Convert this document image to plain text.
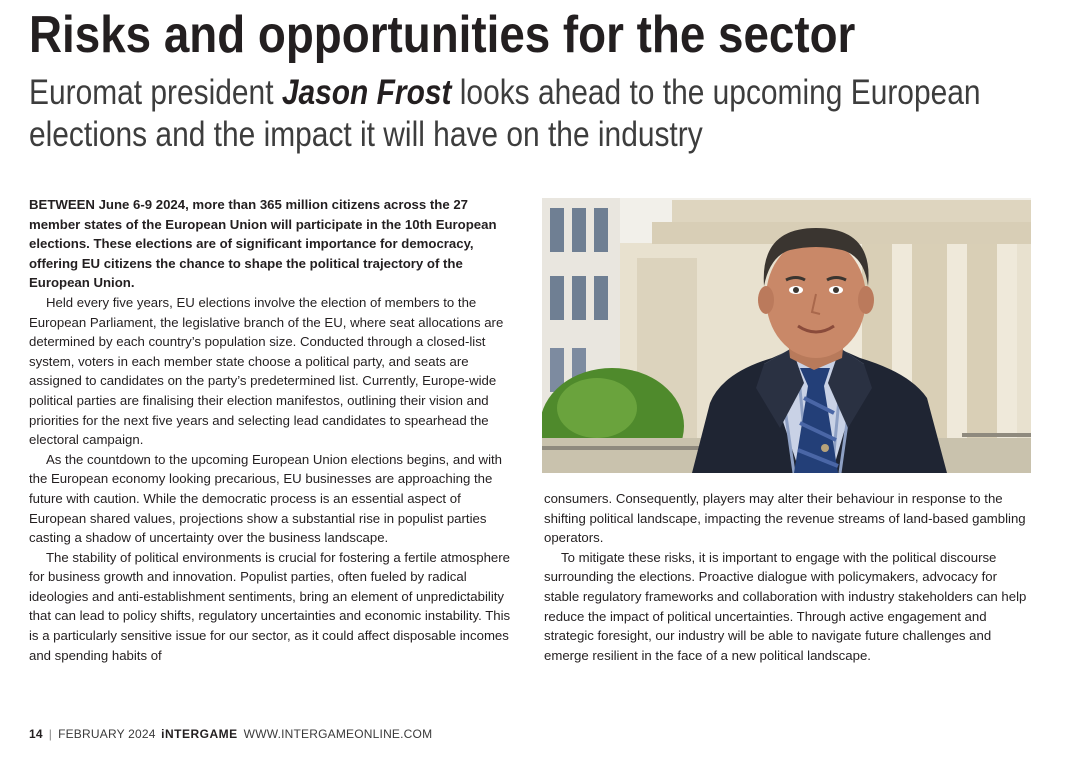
Risks and opportunities for the sector
Euromat president Jason Frost looks ahead to the upcoming European elections and the impact it will have on the industry

BETWEEN June 6-9 2024, more than 365 million citizens across the 27 member states of the European Union will participate in the 10th European elections. These elections are of significant importance for democracy, offering EU citizens the chance to shape the political trajectory of the European Union.

Held every five years, EU elections involve the election of members to the European Parliament, the legislative branch of the EU, where seat allocations are determined by each country’s population size. Conducted through a closed-list system, voters in each member state choose a political party, and seats are assigned to candidates on the party’s predetermined list. Currently, Europe-wide political parties are finalising their election manifestos, outlining their vision and priorities for the next five years and selecting lead candidates to spearhead the electoral campaign.

As the countdown to the upcoming European Union elections begins, and with the European economy looking precarious, EU businesses are approaching the future with caution. While the democratic process is an essential aspect of European shared values, projections show a substantial rise in populist parties casting a shadow of uncertainty over the business landscape.

The stability of political environments is crucial for fostering a fertile atmosphere for business growth and innovation. Populist parties, often fueled by radical ideologies and anti-establishment sentiments, bring an element of unpredictability that can lead to policy shifts, regulatory uncertainties and economic instability. This is a particularly sensitive issue for our sector, as it could affect disposable incomes and spending habits of

consumers. Consequently, players may alter their behaviour in response to the shifting political landscape, impacting the revenue streams of land-based gambling operators.

To mitigate these risks, it is important to engage with the political discourse surrounding the elections. Proactive dialogue with policymakers, advocacy for stable regulatory frameworks and collaboration with industry stakeholders can help reduce the impact of political uncertainties. Through active engagement and strategic foresight, our industry will be able to navigate future challenges and emerge resilient in the face of a new political landscape.

14 | FEBRUARY 2024 iNTERGAME WWW.INTERGAMEONLINE.COM
